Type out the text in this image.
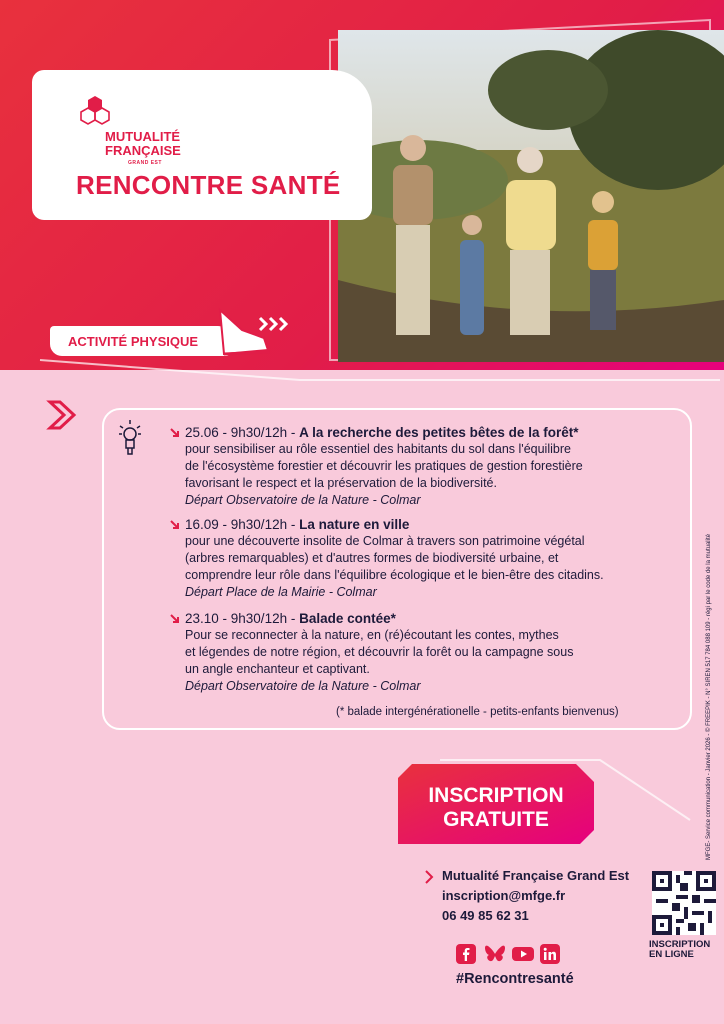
MUTUALITÉ
FRANÇAISE
GRAND EST
RENCONTRE SANTÉ
ACTIVITÉ PHYSIQUE
25.06 - 9h30/12h - A la recherche des petites bêtes de la forêt*
pour sensibiliser au rôle essentiel des habitants du sol dans l'équilibre
de l'écosystème forestier et découvrir les pratiques de gestion forestière
favorisant le respect et la préservation de la biodiversité.
Départ Observatoire de la Nature - Colmar
16.09 - 9h30/12h - La nature en ville
pour une découverte insolite de Colmar à travers son patrimoine végétal
(arbres remarquables) et d'autres formes de biodiversité urbaine, et
comprendre leur rôle dans l'équilibre écologique et le bien-être des citadins.
Départ Place de la Mairie - Colmar
23.10 - 9h30/12h - Balade contée*
Pour se reconnecter à la nature, en (ré)écoutant les contes, mythes
et légendes de notre région, et découvrir la forêt ou la campagne sous
un angle enchanteur et captivant.
Départ Observatoire de la Nature - Colmar
(* balade intergénérationelle - petits-enfants bienvenus)
INSCRIPTION
GRATUITE
Mutualité Française Grand Est
inscription@mfge.fr
06 49 85 62 31
INSCRIPTION
EN LIGNE
#Rencontresanté
MFGE- Service communication - Janvier 2026 - © FREEPIK - N° SIREN 517 784 088 109 - régi par le code de la mutualité
